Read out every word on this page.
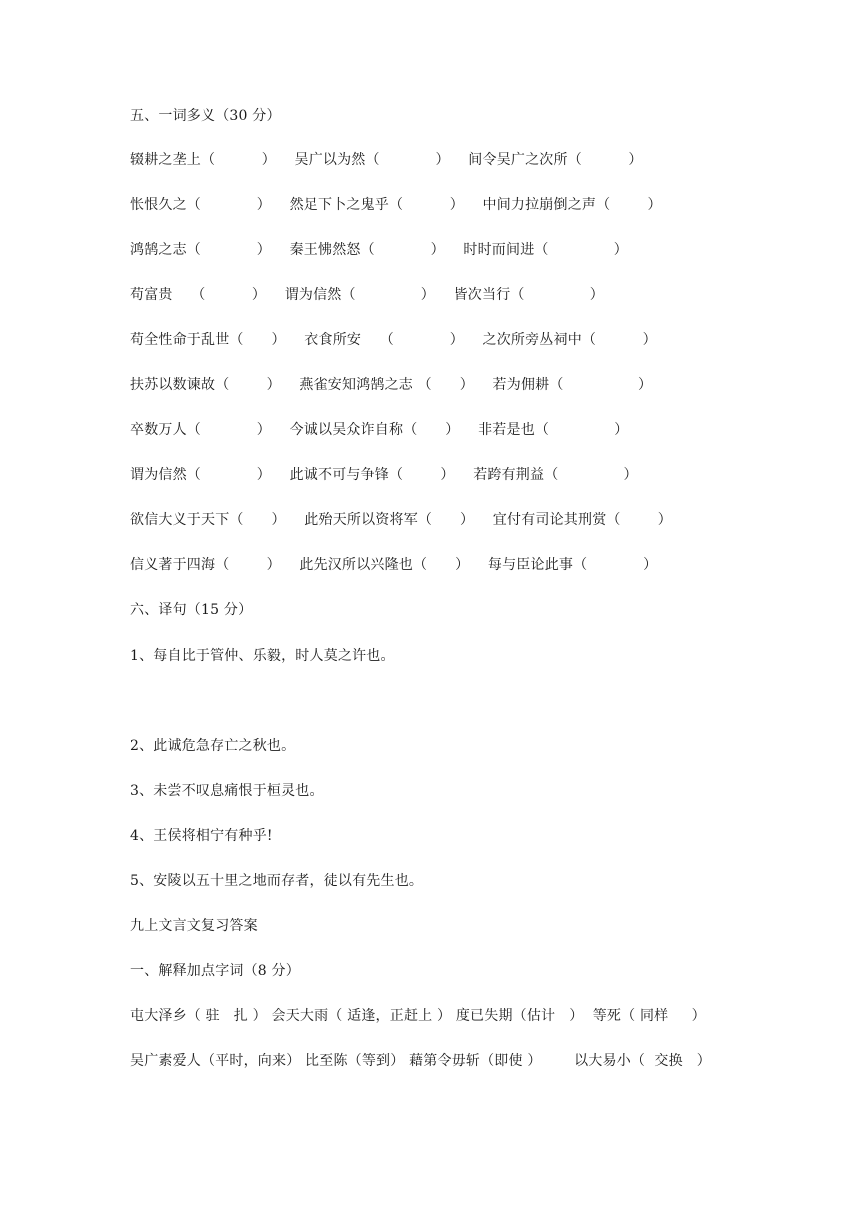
五、一词多义（30 分）
辍耕之垄上（          ）    吴广以为然（            ）    间令吴广之次所（          ）
怅恨久之（            ）    然足下卜之鬼乎（          ）    中间力拉崩倒之声（        ）
鸿鹄之志（            ）    秦王怫然怒（            ）    时时而间进（              ）
苟富贵    （          ）    谓为信然（              ）    皆次当行（              ）
苟全性命于乱世（      ）    衣食所安    （            ）    之次所旁丛祠中（          ）
扶苏以数谏故（        ）    燕雀安知鸿鹄之志 （      ）    若为佣耕（                ）
卒数万人（            ）    今诚以吴众诈自称（      ）    非若是也（              ）
谓为信然（            ）    此诚不可与争锋（        ）    若跨有荆益（              ）
欲信大义于天下（      ）    此殆天所以资将军（      ）    宜付有司论其刑赏（        ）
信义著于四海（        ）    此先汉所以兴隆也（      ）    每与臣论此事（            ）
六、译句（15 分）
1、每自比于管仲、乐毅，时人莫之许也。
2、此诚危急存亡之秋也。
3、未尝不叹息痛恨于桓灵也。
4、王侯将相宁有种乎!
5、安陵以五十里之地而存者，徒以有先生也。
九上文言文复习答案
一、解释加点字词（8 分）
屯大泽乡（ 驻   扎 ） 会天大雨（ 适逢，正赶上 ） 度已失期（估计   ）  等死（ 同样     ）
吴广素爱人（平时，向来） 比至陈（等到） 藉第令毋斩（即使 ）       以大易小（  交换   ）
